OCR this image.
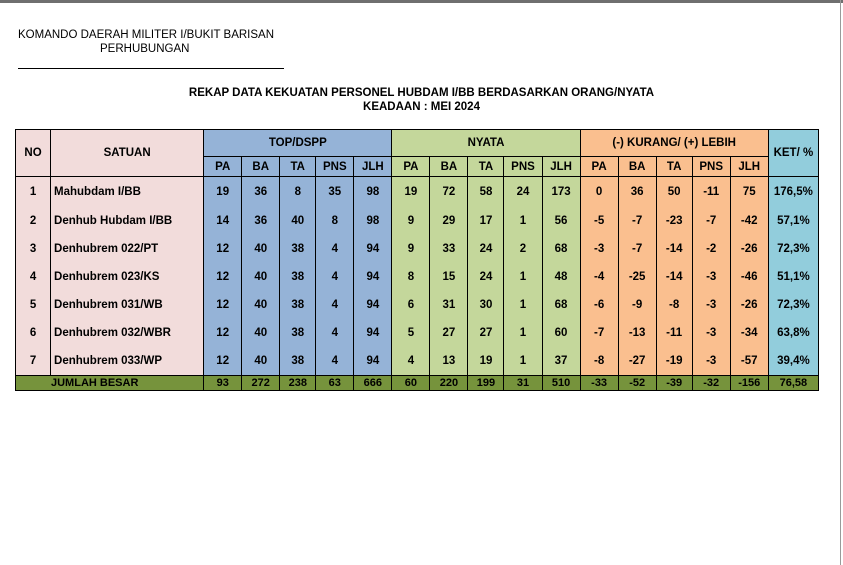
KOMANDO DAERAH MILITER I/BUKIT BARISAN
PERHUBUNGAN
REKAP DATA KEKUATAN PERSONEL HUBDAM I/BB BERDASARKAN ORANG/NYATA
KEADAAN : MEI 2024
NO	SATUAN	TOP/DSPP					NYATA					(-) KURANG/ (+) LEBIH					KET/ %
		PA	BA	TA	PNS	JLH	PA	BA	TA	PNS	JLH	PA	BA	TA	PNS	JLH	
1	Mahubdam I/BB	19	36	8	35	98	19	72	58	24	173	0	36	50	-11	75	176,5%
2	Denhub Hubdam I/BB	14	36	40	8	98	9	29	17	1	56	-5	-7	-23	-7	-42	57,1%
3	Denhubrem 022/PT	12	40	38	4	94	9	33	24	2	68	-3	-7	-14	-2	-26	72,3%
4	Denhubrem 023/KS	12	40	38	4	94	8	15	24	1	48	-4	-25	-14	-3	-46	51,1%
5	Denhubrem 031/WB	12	40	38	4	94	6	31	30	1	68	-6	-9	-8	-3	-26	72,3%
6	Denhubrem 032/WBR	12	40	38	4	94	5	27	27	1	60	-7	-13	-11	-3	-34	63,8%
7	Denhubrem 033/WP	12	40	38	4	94	4	13	19	1	37	-8	-27	-19	-3	-57	39,4%
JUMLAH BESAR		93	272	238	63	666	60	220	199	31	510	-33	-52	-39	-32	-156	76,58
